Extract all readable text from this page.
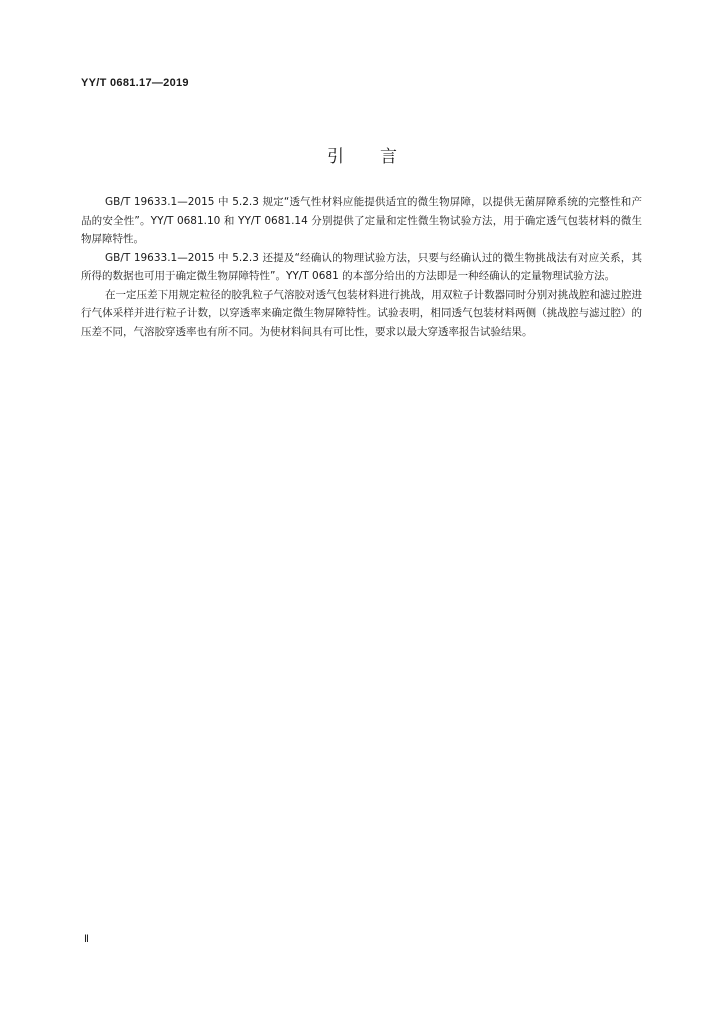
YY/T 0681.17—2019
引言

GB/T 19633.1—2015 中 5.2.3 规定“透气性材料应能提供适宜的微生物屏障，以提供无菌屏障系统的完整性和产品的安全性”。YY/T 0681.10 和 YY/T 0681.14 分别提供了定量和定性微生物试验方法，用于确定透气包装材料的微生物屏障特性。

GB/T 19633.1—2015 中 5.2.3 还提及“经确认的物理试验方法，只要与经确认过的微生物挑战法有对应关系，其所得的数据也可用于确定微生物屏障特性”。YY/T 0681 的本部分给出的方法即是一种经确认的定量物理试验方法。

在一定压差下用规定粒径的胶乳粒子气溶胶对透气包装材料进行挑战，用双粒子计数器同时分别对挑战腔和滤过腔进行气体采样并进行粒子计数，以穿透率来确定微生物屏障特性。试验表明，相同透气包装材料两侧（挑战腔与滤过腔）的压差不同，气溶胶穿透率也有所不同。为使材料间具有可比性，要求以最大穿透率报告试验结果。

Ⅱ
